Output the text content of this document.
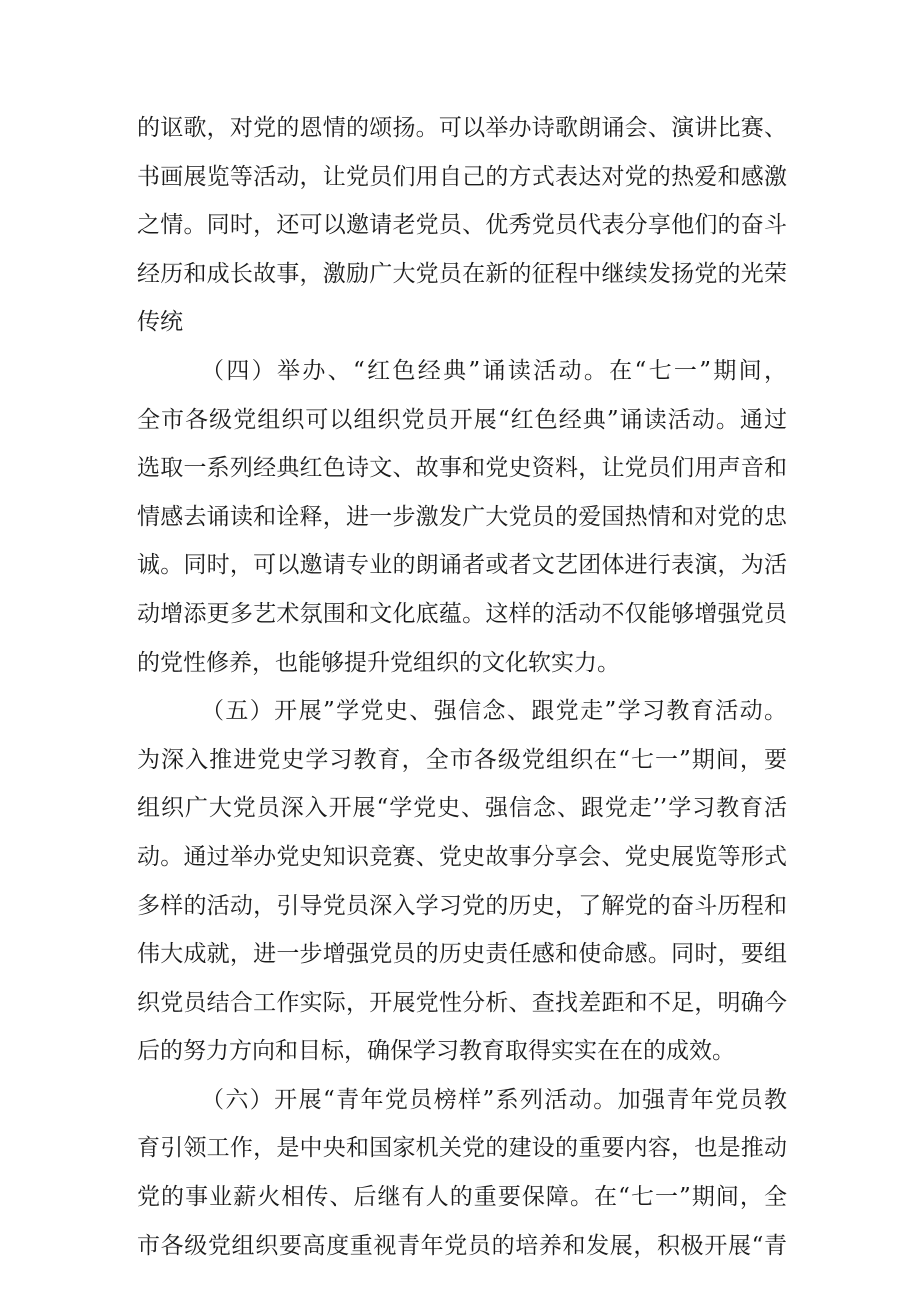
的讴歌，对党的恩情的颂扬。可以举办诗歌朗诵会、演讲比赛、
书画展览等活动，让党员们用自己的方式表达对党的热爱和感激
之情。同时，还可以邀请老党员、优秀党员代表分享他们的奋斗
经历和成长故事，激励广大党员在新的征程中继续发扬党的光荣
传统
（四）举办、“红色经典”诵读活动。在“七一”期间，
全市各级党组织可以组织党员开展“红色经典”诵读活动。通过
选取一系列经典红色诗文、故事和党史资料，让党员们用声音和
情感去诵读和诠释，进一步激发广大党员的爱国热情和对党的忠
诚。同时，可以邀请专业的朗诵者或者文艺团体进行表演，为活
动增添更多艺术氛围和文化底蕴。这样的活动不仅能够增强党员
的党性修养，也能够提升党组织的文化软实力。
（五）开展”学党史、强信念、跟党走”学习教育活动。
为深入推进党史学习教育，全市各级党组织在“七一”期间，要
组织广大党员深入开展“学党史、强信念、跟党走’’学习教育活
动。通过举办党史知识竞赛、党史故事分享会、党史展览等形式
多样的活动，引导党员深入学习党的历史，了解党的奋斗历程和
伟大成就，进一步增强党员的历史责任感和使命感。同时，要组
织党员结合工作实际，开展党性分析、查找差距和不足，明确今
后的努力方向和目标，确保学习教育取得实实在在的成效。
（六）开展“青年党员榜样”系列活动。加强青年党员教
育引领工作，是中央和国家机关党的建设的重要内容，也是推动
党的事业薪火相传、后继有人的重要保障。在“七一”期间，全
市各级党组织要高度重视青年党员的培养和发展，积极开展“青
